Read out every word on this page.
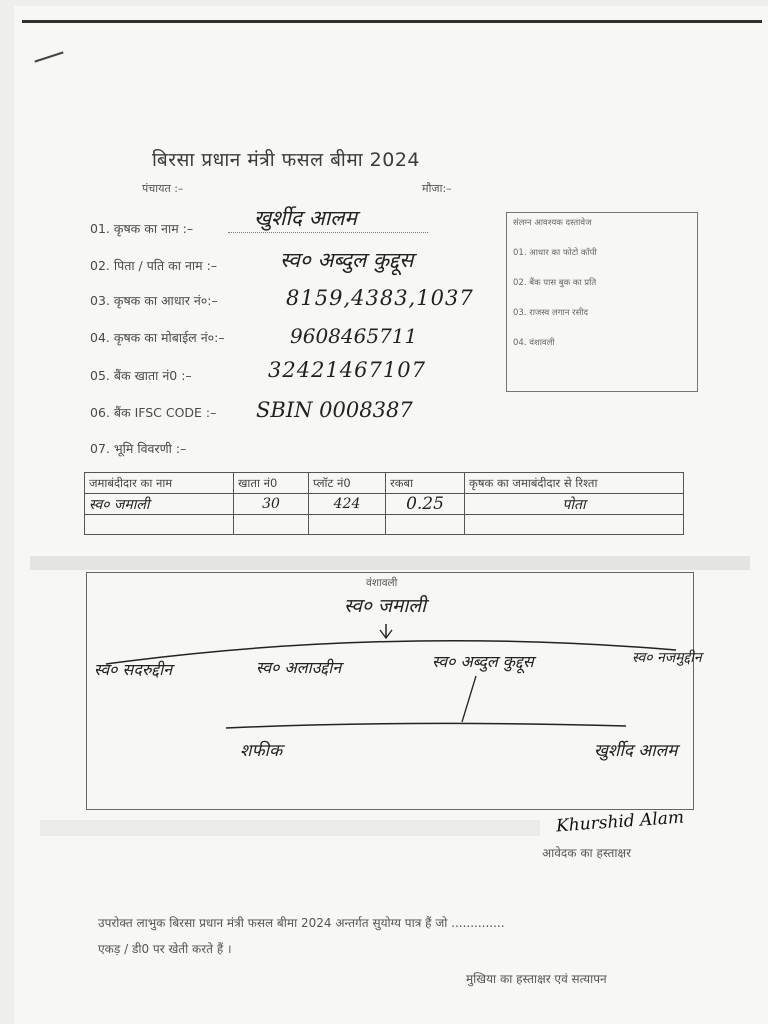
बिरसा प्रधान मंत्री फसल बीमा 2024
पंचायत :–	मौजा:–
01. कृषक का नाम :–	खुर्शीद आलम
02. पिता / पति का नाम :–	स्व० अब्दुल कुद्दूस
03. कृषक का आधार नं०:–	8159,4383,1037
04. कृषक का मोबाईल नं०:–	9608465711
05. बैंक खाता नं0 :–	32421467107
06. बैंक IFSC CODE :– SBIN 0008387
07. भूमि विवरणी :–
संलग्न आवश्यक दस्तावेज
01. आधार का फोटो कॉपी
02. बैंक पास बुक का प्रति
03. राजस्व लगान रसीद
04. वंशावली
जमाबंदीदार का नाम	खाता नं0	प्लॉट नं0	रकबा	कृषक का जमाबंदीदार से रिश्ता
स्व० जमाली	30	424	0.25	पोता

वंशावली
स्व० जमाली
स्व० सदरुद्दीन	स्व० अलाउद्दीन	स्व० अब्दुल कुद्दूस	स्व० नजमुद्दीन
शफीक	खुर्शीद आलम
Khurshid Alam
आवेदक का हस्ताक्षर
उपरोक्त लाभुक बिरसा प्रधान मंत्री फसल बीमा 2024 अन्तर्गत सुयोग्य पात्र हैं जो ..............
एकड़ / डी0 पर खेती करते हैं ।
मुखिया का हस्ताक्षर एवं सत्यापन
